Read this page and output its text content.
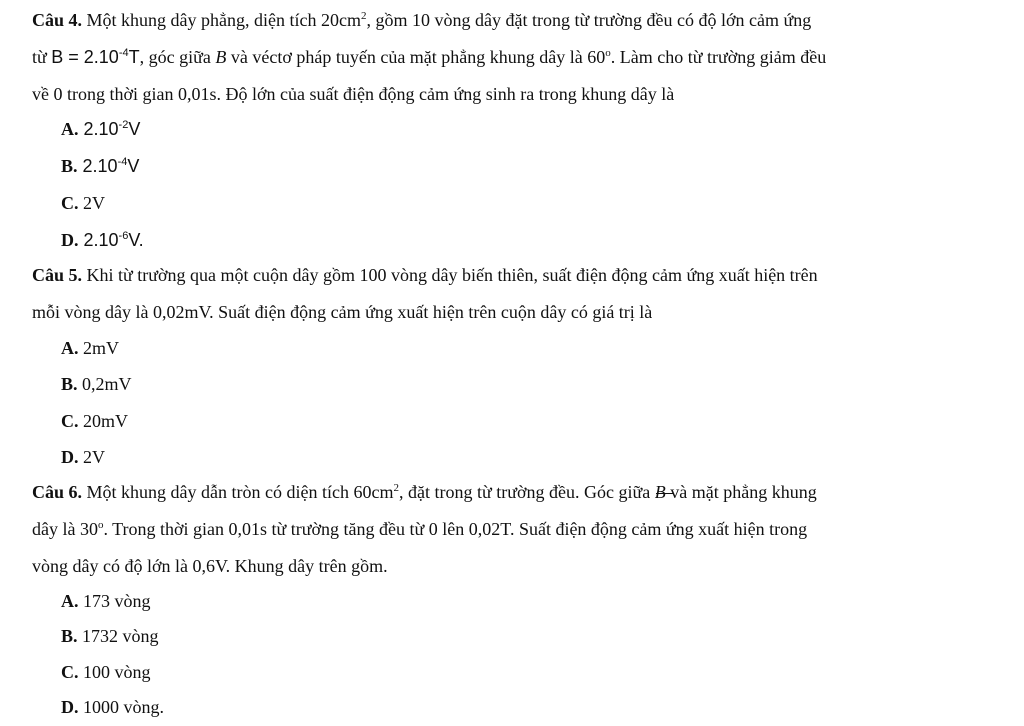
Câu 4. Một khung dây phẳng, diện tích $20cm^2$, gồm 10 vòng dây đặt trong từ trường đều có độ lớn cảm ứng
từ $B = 2.10^{-4}T$, góc giữa B và véctơ pháp tuyến của mặt phẳng khung dây là 60$^o$. Làm cho từ trường giảm đều
về 0 trong thời gian 0,01s. Độ lớn của suất điện động cảm ứng sinh ra trong khung dây là
A. $2.10^{-2}V$
B. $2.10^{-4}V$
C. 2V
D. $2.10^{-6}V$.
Câu 5. Khi từ trường qua một cuộn dây gồm 100 vòng dây biến thiên, suất điện động cảm ứng xuất hiện trên
mỗi vòng dây là 0,02mV. Suất điện động cảm ứng xuất hiện trên cuộn dây có giá trị là
A. 2mV
B. 0,2mV
C. 20mV
D. 2V
Câu 6. Một khung dây dẫn tròn có diện tích $60cm^2$, đặt trong từ trường đều. Góc giữa B và mặt phẳng khung
dây là 30$^o$. Trong thời gian 0,01s từ trường tăng đều từ 0 lên 0,02T. Suất điện động cảm ứng xuất hiện trong
vòng dây có độ lớn là 0,6V. Khung dây trên gồm.
A. 173 vòng
B. 1732 vòng
C. 100 vòng
D. 1000 vòng.
